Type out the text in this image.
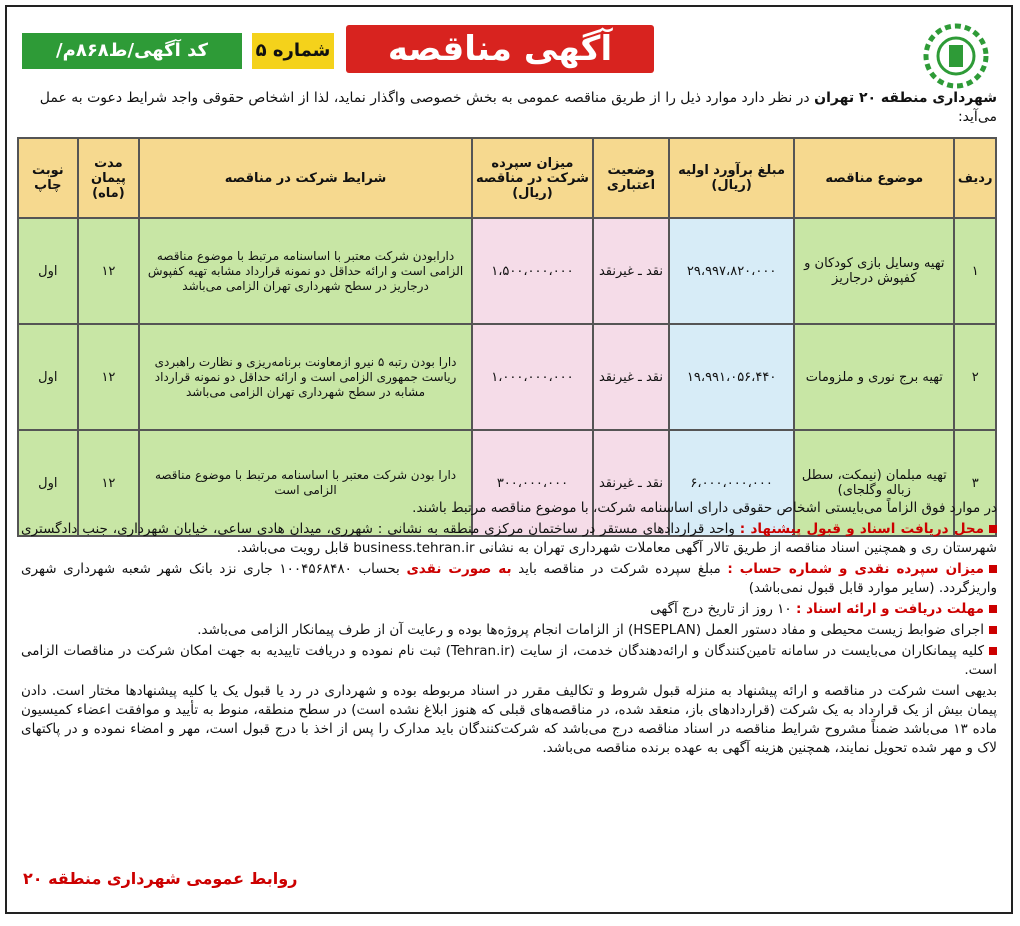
آگهی مناقصه
شماره ۵
کد آگهی/ط۸۶۸م/
شهرداری منطقه ۲۰ تهران در نظر دارد موارد ذیل را از طریق مناقصه عمومی به بخش خصوصی واگذار نماید، لذا از اشخاص حقوقی واجد شرایط دعوت به عمل می‌آید:
ردیف	موضوع مناقصه	مبلغ برآورد اولیه (ریال)	وضعیت اعتباری	میزان سپرده شرکت در مناقصه (ریال)	شرایط شرکت در مناقصه	مدت پیمان (ماه)	نوبت چاپ
۱	تهیه وسایل بازی کودکان و کفپوش درجاریز	۲۹،۹۹۷،۸۲۰،۰۰۰	نقد ـ غیرنقد	۱،۵۰۰،۰۰۰،۰۰۰	دارابودن شرکت معتبر با اساسنامه مرتبط با موضوع مناقصه الزامی است و ارائه حداقل دو نمونه قرارداد مشابه تهیه کفپوش درجاریز در سطح شهرداری تهران الزامی می‌باشد	۱۲	اول
۲	تهیه برج نوری و ملزومات	۱۹،۹۹۱،۰۵۶،۴۴۰	نقد ـ غیرنقد	۱،۰۰۰،۰۰۰،۰۰۰	دارا بودن رتبه ۵ نیرو ازمعاونت برنامه‌ریزی و نظارت راهبردی ریاست جمهوری الزامی است و ارائه حداقل دو نمونه قرارداد مشابه در سطح شهرداری تهران الزامی می‌باشد	۱۲	اول
۳	تهیه مبلمان (نیمکت، سطل زباله وگلجای)	۶،۰۰۰،۰۰۰،۰۰۰	نقد ـ غیرنقد	۳۰۰،۰۰۰،۰۰۰	دارا بودن شرکت معتبر با اساسنامه مرتبط با موضوع مناقصه الزامی است	۱۲	اول

در موارد فوق الزاماً می‌بایستی اشخاص حقوقی دارای اساسنامه شرکت، با موضوع مناقصه مرتبط باشند.

محل دریافت اسناد و قبول پیشنهاد : واحد قراردادهای مستقر در ساختمان مرکزی منطقه به نشانی : شهرری، میدان هادی ساعی، خیابان شهرداری، جنب دادگستری شهرستان ری و همچنین اسناد مناقصه از طریق تالار آگهی معاملات شهرداری تهران به نشانی business.tehran.ir قابل رویت می‌باشد.

میزان سپرده نقدی و شماره حساب : مبلغ سپرده شرکت در مناقصه باید به صورت نقدی بحساب ۱۰۰۴۵۶۸۴۸۰ جاری نزد بانک شهر شعبه شهرداری شهری واریزگردد. (سایر موارد قابل قبول نمی‌باشد)

مهلت دریافت و ارائه اسناد : ۱۰ روز از تاریخ درج آگهی

اجرای ضوابط زیست محیطی و مفاد دستور العمل (HSEPLAN) از الزامات انجام پروژه‌ها بوده و رعایت آن از طرف پیمانکار الزامی می‌باشد.

کلیه پیمانکاران می‌بایست در سامانه تامین‌کنندگان و ارائه‌دهندگان خدمت، از سایت (Tehran.ir) ثبت نام نموده و دریافت تاییدیه به جهت امکان شرکت در مناقصات الزامی است.

بدیهی است شرکت در مناقصه و ارائه پیشنهاد به منزله قبول شروط و تکالیف مقرر در اسناد مربوطه بوده و شهرداری در رد یا قبول یک یا کلیه پیشنهادها مختار است. دادن پیمان بیش از یک قرارداد به یک شرکت (قراردادهای باز، منعقد شده، در مناقصه‌های قبلی که هنوز ابلاغ نشده است) در سطح منطقه، منوط به تأیید و موافقت اعضاء کمیسیون ماده ۱۳ می‌باشد ضمناً مشروح شرایط مناقصه در اسناد مناقصه درج می‌باشد که شرکت‌کنندگان باید مدارک را پس از اخذ با درج قبول است، مهر و امضاء نموده و در پاکتهای لاک و مهر شده تحویل نمایند، همچنین هزینه آگهی به عهده برنده مناقصه می‌باشد.

روابط عمومی شهرداری منطقه ۲۰
